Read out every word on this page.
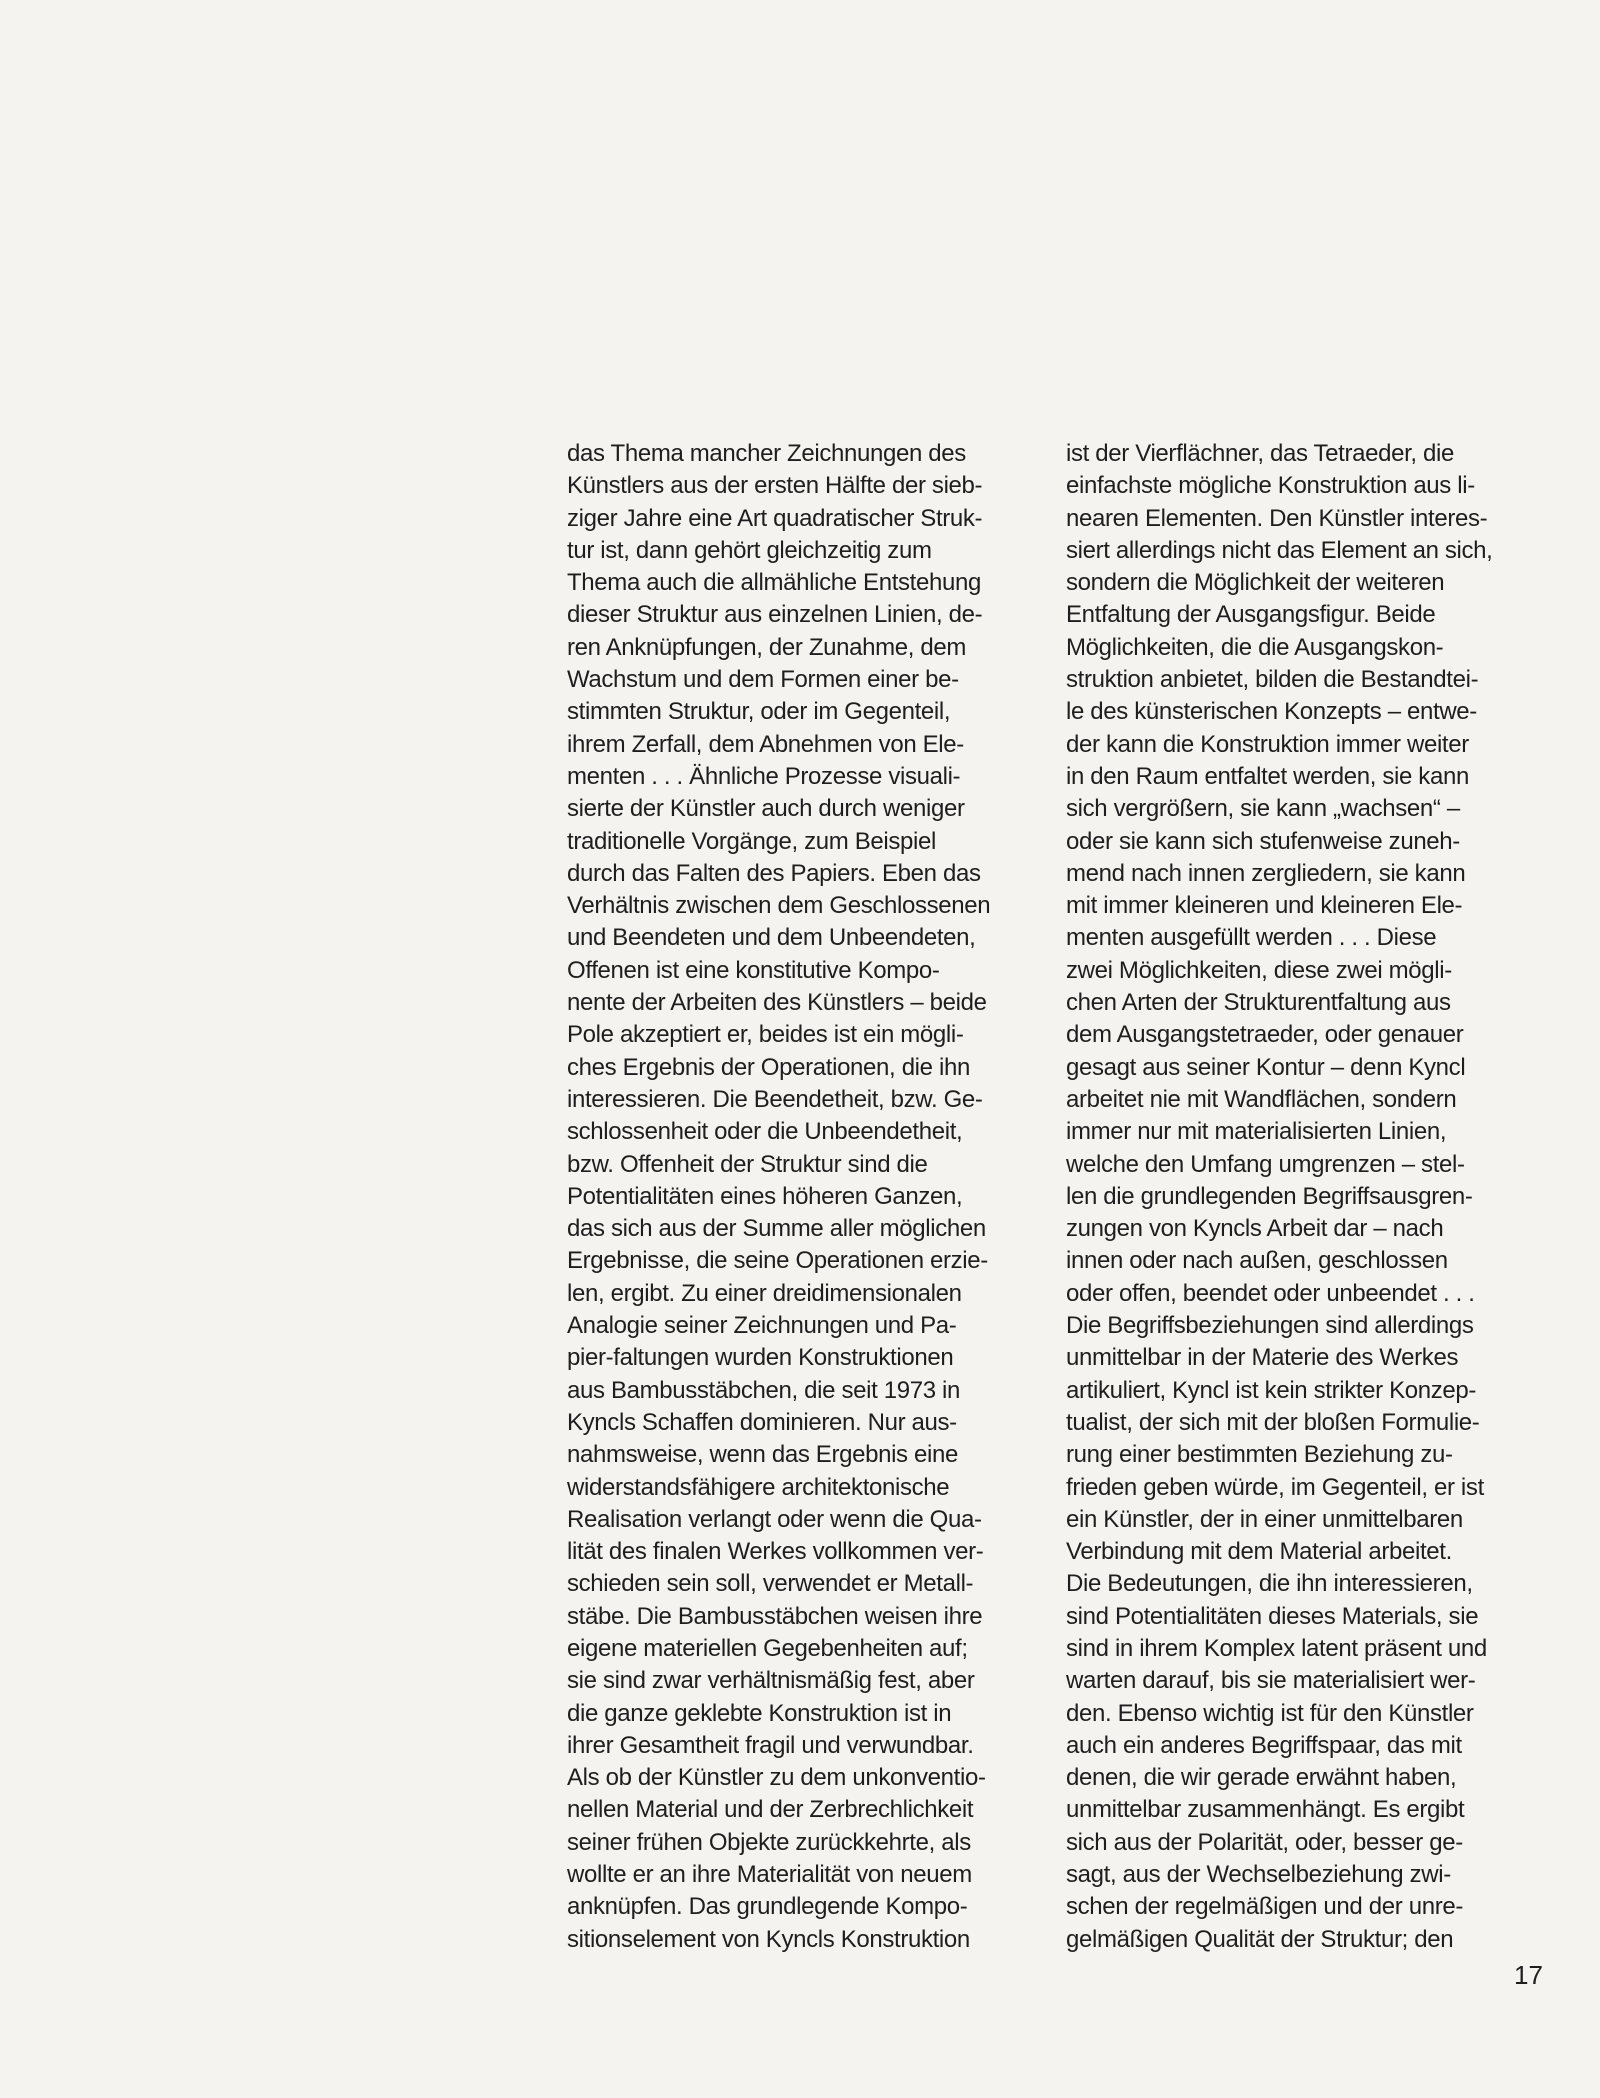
das Thema mancher Zeichnungen des
Künstlers aus der ersten Hälfte der sieb-
ziger Jahre eine Art quadratischer Struk-
tur ist, dann gehört gleichzeitig zum
Thema auch die allmähliche Entstehung
dieser Struktur aus einzelnen Linien, de-
ren Anknüpfungen, der Zunahme, dem
Wachstum und dem Formen einer be-
stimmten Struktur, oder im Gegenteil,
ihrem Zerfall, dem Abnehmen von Ele-
menten . . . Ähnliche Prozesse visuali-
sierte der Künstler auch durch weniger
traditionelle Vorgänge, zum Beispiel
durch das Falten des Papiers. Eben das
Verhältnis zwischen dem Geschlossenen
und Beendeten und dem Unbeendeten,
Offenen ist eine konstitutive Kompo-
nente der Arbeiten des Künstlers – beide
Pole akzeptiert er, beides ist ein mögli-
ches Ergebnis der Operationen, die ihn
interessieren. Die Beendetheit, bzw. Ge-
schlossenheit oder die Unbeendetheit,
bzw. Offenheit der Struktur sind die
Potentialitäten eines höheren Ganzen,
das sich aus der Summe aller möglichen
Ergebnisse, die seine Operationen erzie-
len, ergibt. Zu einer dreidimensionalen
Analogie seiner Zeichnungen und Pa-
pier-faltungen wurden Konstruktionen
aus Bambusstäbchen, die seit 1973 in
Kyncls Schaffen dominieren. Nur aus-
nahmsweise, wenn das Ergebnis eine
widerstandsfähigere architektonische
Realisation verlangt oder wenn die Qua-
lität des finalen Werkes vollkommen ver-
schieden sein soll, verwendet er Metall-
stäbe. Die Bambusstäbchen weisen ihre
eigene materiellen Gegebenheiten auf;
sie sind zwar verhältnismäßig fest, aber
die ganze geklebte Konstruktion ist in
ihrer Gesamtheit fragil und verwundbar.
Als ob der Künstler zu dem unkonventio-
nellen Material und der Zerbrechlichkeit
seiner frühen Objekte zurückkehrte, als
wollte er an ihre Materialität von neuem
anknüpfen. Das grundlegende Kompo-
sitionselement von Kyncls Konstruktion
ist der Vierflächner, das Tetraeder, die
einfachste mögliche Konstruktion aus li-
nearen Elementen. Den Künstler interes-
siert allerdings nicht das Element an sich,
sondern die Möglichkeit der weiteren
Entfaltung der Ausgangsfigur. Beide
Möglichkeiten, die die Ausgangskon-
struktion anbietet, bilden die Bestandtei-
le des künsterischen Konzepts – entwe-
der kann die Konstruktion immer weiter
in den Raum entfaltet werden, sie kann
sich vergrößern, sie kann „wachsen“ –
oder sie kann sich stufenweise zuneh-
mend nach innen zergliedern, sie kann
mit immer kleineren und kleineren Ele-
menten ausgefüllt werden . . . Diese
zwei Möglichkeiten, diese zwei mögli-
chen Arten der Strukturentfaltung aus
dem Ausgangstetraeder, oder genauer
gesagt aus seiner Kontur – denn Kyncl
arbeitet nie mit Wandflächen, sondern
immer nur mit materialisierten Linien,
welche den Umfang umgrenzen – stel-
len die grundlegenden Begriffsausgren-
zungen von Kyncls Arbeit dar – nach
innen oder nach außen, geschlossen
oder offen, beendet oder unbeendet . . .
Die Begriffsbeziehungen sind allerdings
unmittelbar in der Materie des Werkes
artikuliert, Kyncl ist kein strikter Konzep-
tualist, der sich mit der bloßen Formulie-
rung einer bestimmten Beziehung zu-
frieden geben würde, im Gegenteil, er ist
ein Künstler, der in einer unmittelbaren
Verbindung mit dem Material arbeitet.
Die Bedeutungen, die ihn interessieren,
sind Potentialitäten dieses Materials, sie
sind in ihrem Komplex latent präsent und
warten darauf, bis sie materialisiert wer-
den. Ebenso wichtig ist für den Künstler
auch ein anderes Begriffspaar, das mit
denen, die wir gerade erwähnt haben,
unmittelbar zusammenhängt. Es ergibt
sich aus der Polarität, oder, besser ge-
sagt, aus der Wechselbeziehung zwi-
schen der regelmäßigen und der unre-
gelmäßigen Qualität der Struktur; den
17
